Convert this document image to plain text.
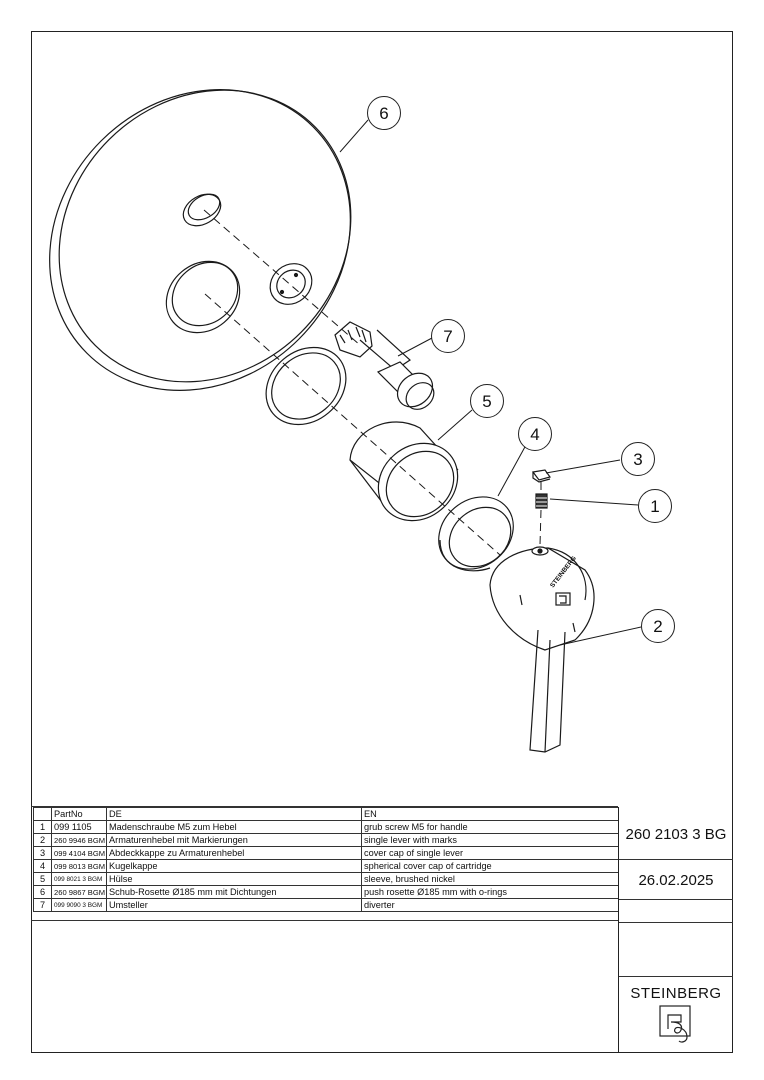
STEINBERG
6
7
5
4
3
1
2
	PartNo	DE	EN
1	099 1105	Madenschraube M5 zum Hebel	grub screw M5 for handle
2	260 9946 BGM	Armaturenhebel mit Markierungen	single lever with marks
3	099 4104 BGM	Abdeckkappe zu Armaturenhebel	cover cap of single lever
4	099 8013 BGM	Kugelkappe	spherical cover cap of cartridge
5	099 8021 3 BGM	Hülse	sleeve, brushed nickel
6	260 9867 BGM	Schub-Rosette Ø185 mm mit Dichtungen	push rosette Ø185 mm with o-rings
7	099 9090 3 BGM	Umsteller	diverter
260 2103 3 BG
26.02.2025
STEINBERG
